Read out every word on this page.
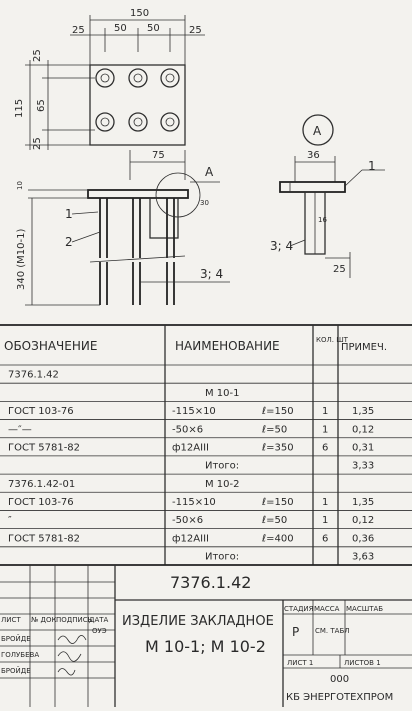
150
25	50 50	25
25
115 65
25
75
A
30
10
340 (M10-1)
1
2
3; 4
A
36
16
1
3; 4
25
ОБОЗНАЧЕНИЕ	НАИМЕНОВАНИЕ	КОЛ. ШТ
ПРИМЕЧ.
7376.1.42
М 10-1
ГОСТ 103-76	-115×10	ℓ=150	1 1,35
—″—	-50×6	ℓ=50	1 0,12
ГОСТ 5781-82	ф12АIII	ℓ=350	6 0,31
Итого:	3,33
7376.1.42-01	М 10-2
ГОСТ 103-76	-115×10	ℓ=150	1 1,35
″	-50×6	ℓ=50	1 0,12
ГОСТ 5781-82	ф12АIII	ℓ=400	6 0,36
Итого:	3,63
7376.1.42
ЛИСТ № ДОК ПОДПИСЬ
ДАТА
БРОЙДЕ
ГОЛУБЕВА
БРОЙДЕ
ОУЭ
ИЗДЕЛИЕ ЗАКЛАДНОЕ
М 10-1; М 10-2
СТАДИЯ МАССА МАСШТАБ
Р СМ. ТАБЛ
ЛИСТ 1	ЛИСТОВ 1
000
КБ ЭНЕРГОТЕХПРОМ
